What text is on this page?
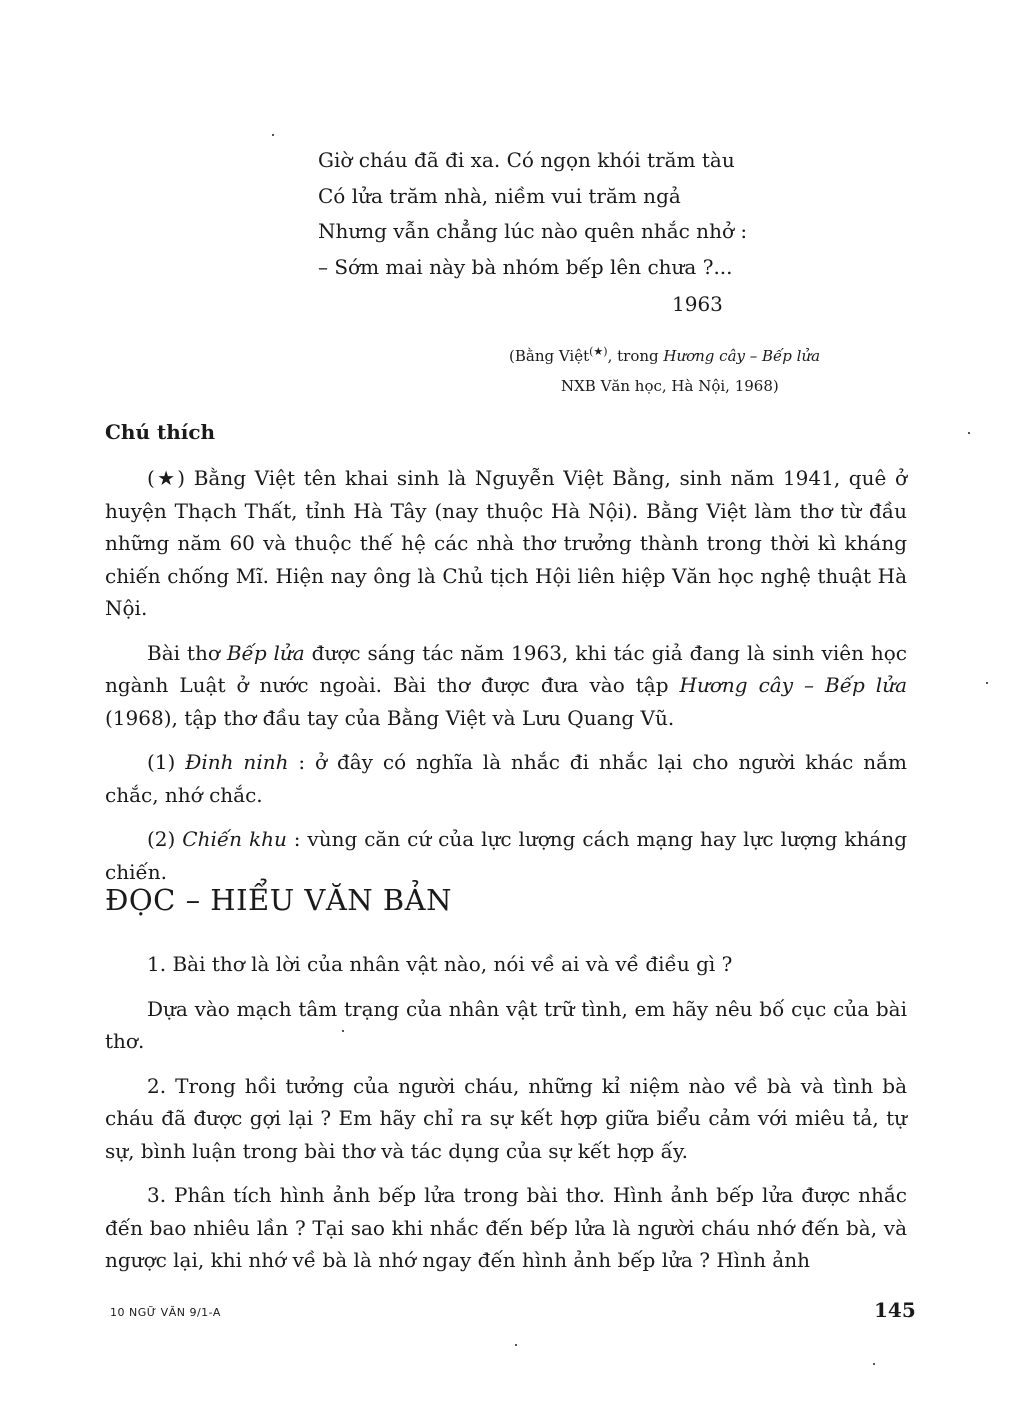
Giờ cháu đã đi xa. Có ngọn khói trăm tàu
Có lửa trăm nhà, niềm vui trăm ngả
Nhưng vẫn chẳng lúc nào quên nhắc nhở :
– Sớm mai này bà nhóm bếp lên chưa ?...
1963
(Bằng Việt(★), trong Hương cây – Bếp lửa
NXB Văn học, Hà Nội, 1968)
Chú thích

(★) Bằng Việt tên khai sinh là Nguyễn Việt Bằng, sinh năm 1941, quê ở huyện Thạch Thất, tỉnh Hà Tây (nay thuộc Hà Nội). Bằng Việt làm thơ từ đầu những năm 60 và thuộc thế hệ các nhà thơ trưởng thành trong thời kì kháng chiến chống Mĩ. Hiện nay ông là Chủ tịch Hội liên hiệp Văn học nghệ thuật Hà Nội.

Bài thơ Bếp lửa được sáng tác năm 1963, khi tác giả đang là sinh viên học ngành Luật ở nước ngoài. Bài thơ được đưa vào tập Hương cây – Bếp lửa (1968), tập thơ đầu tay của Bằng Việt và Lưu Quang Vũ.

(1) Đinh ninh : ở đây có nghĩa là nhắc đi nhắc lại cho người khác nắm chắc, nhớ chắc.

(2) Chiến khu : vùng căn cứ của lực lượng cách mạng hay lực lượng kháng chiến.

ĐỌC – HIỂU VĂN BẢN

1. Bài thơ là lời của nhân vật nào, nói về ai và về điều gì ?

Dựa vào mạch tâm trạng của nhân vật trữ tình, em hãy nêu bố cục của bài thơ.

2. Trong hồi tưởng của người cháu, những kỉ niệm nào về bà và tình bà cháu đã được gợi lại ? Em hãy chỉ ra sự kết hợp giữa biểu cảm với miêu tả, tự sự, bình luận trong bài thơ và tác dụng của sự kết hợp ấy.

3. Phân tích hình ảnh bếp lửa trong bài thơ. Hình ảnh bếp lửa được nhắc đến bao nhiêu lần ? Tại sao khi nhắc đến bếp lửa là người cháu nhớ đến bà, và ngược lại, khi nhớ về bà là nhớ ngay đến hình ảnh bếp lửa ? Hình ảnh

10 NGỮ VĂN 9/1-A	145
